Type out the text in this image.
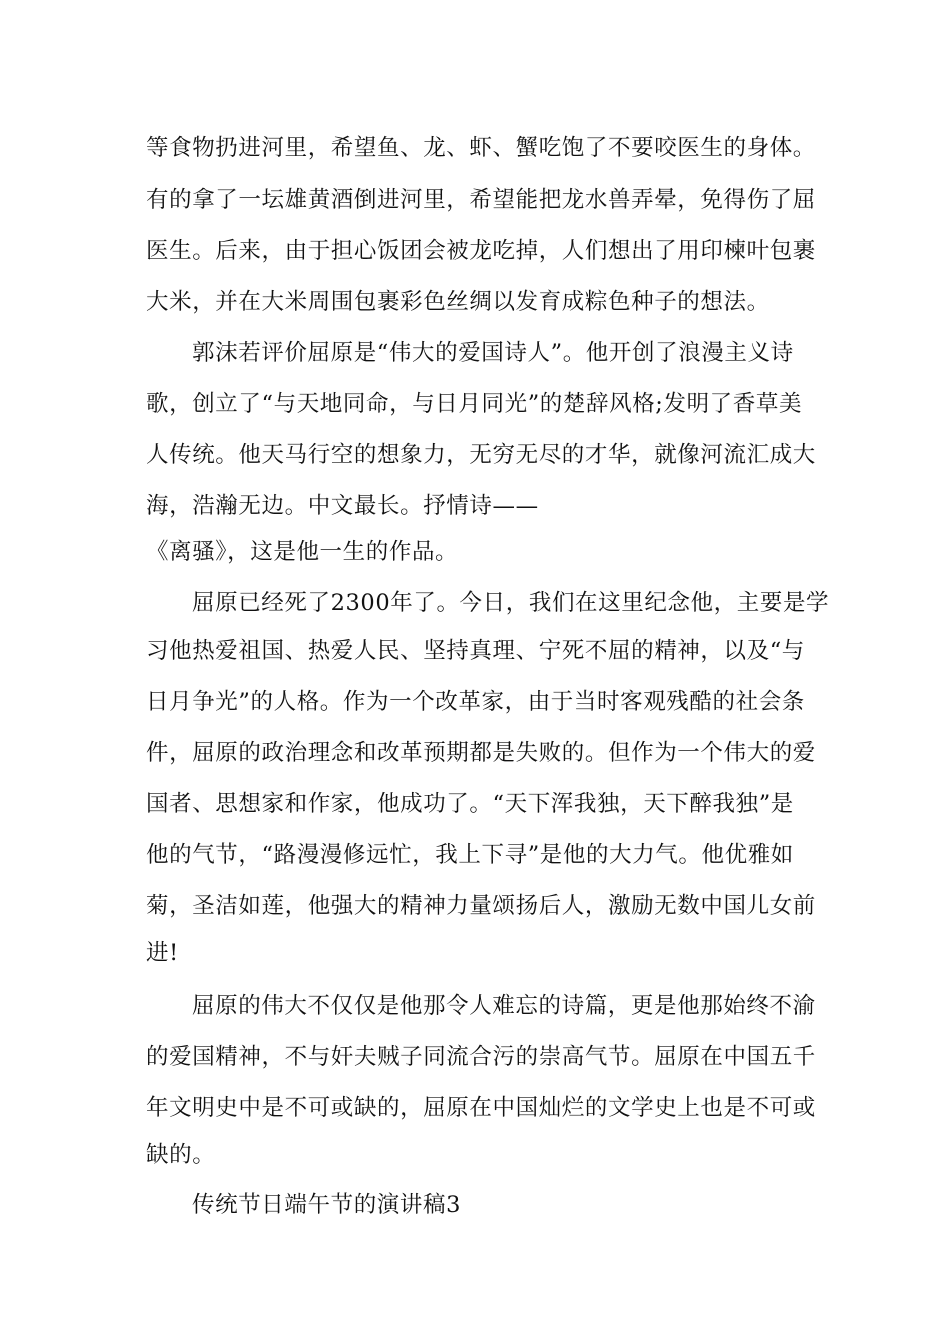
等食物扔进河里，希望鱼、龙、虾、蟹吃饱了不要咬医生的身体。
有的拿了一坛雄黄酒倒进河里，希望能把龙水兽弄晕，免得伤了屈
医生。后来，由于担心饭团会被龙吃掉，人们想出了用印楝叶包裹
大米，并在大米周围包裹彩色丝绸以发育成粽色种子的想法。
郭沫若评价屈原是“伟大的爱国诗人”。他开创了浪漫主义诗
歌，创立了“与天地同命，与日月同光”的楚辞风格;发明了香草美
人传统。他天马行空的想象力，无穷无尽的才华，就像河流汇成大
海，浩瀚无边。中文最长。抒情诗——
《离骚》，这是他一生的作品。
屈原已经死了2300年了。今日，我们在这里纪念他，主要是学
习他热爱祖国、热爱人民、坚持真理、宁死不屈的精神，以及“与
日月争光”的人格。作为一个改革家，由于当时客观残酷的社会条
件，屈原的政治理念和改革预期都是失败的。但作为一个伟大的爱
国者、思想家和作家，他成功了。“天下浑我独，天下醉我独”是
他的气节，“路漫漫修远忙，我上下寻”是他的大力气。他优雅如
菊，圣洁如莲，他强大的精神力量颂扬后人，激励无数中国儿女前
进!
屈原的伟大不仅仅是他那令人难忘的诗篇，更是他那始终不渝
的爱国精神，不与奸夫贼子同流合污的崇高气节。屈原在中国五千
年文明史中是不可或缺的，屈原在中国灿烂的文学史上也是不可或
缺的。
传统节日端午节的演讲稿3
